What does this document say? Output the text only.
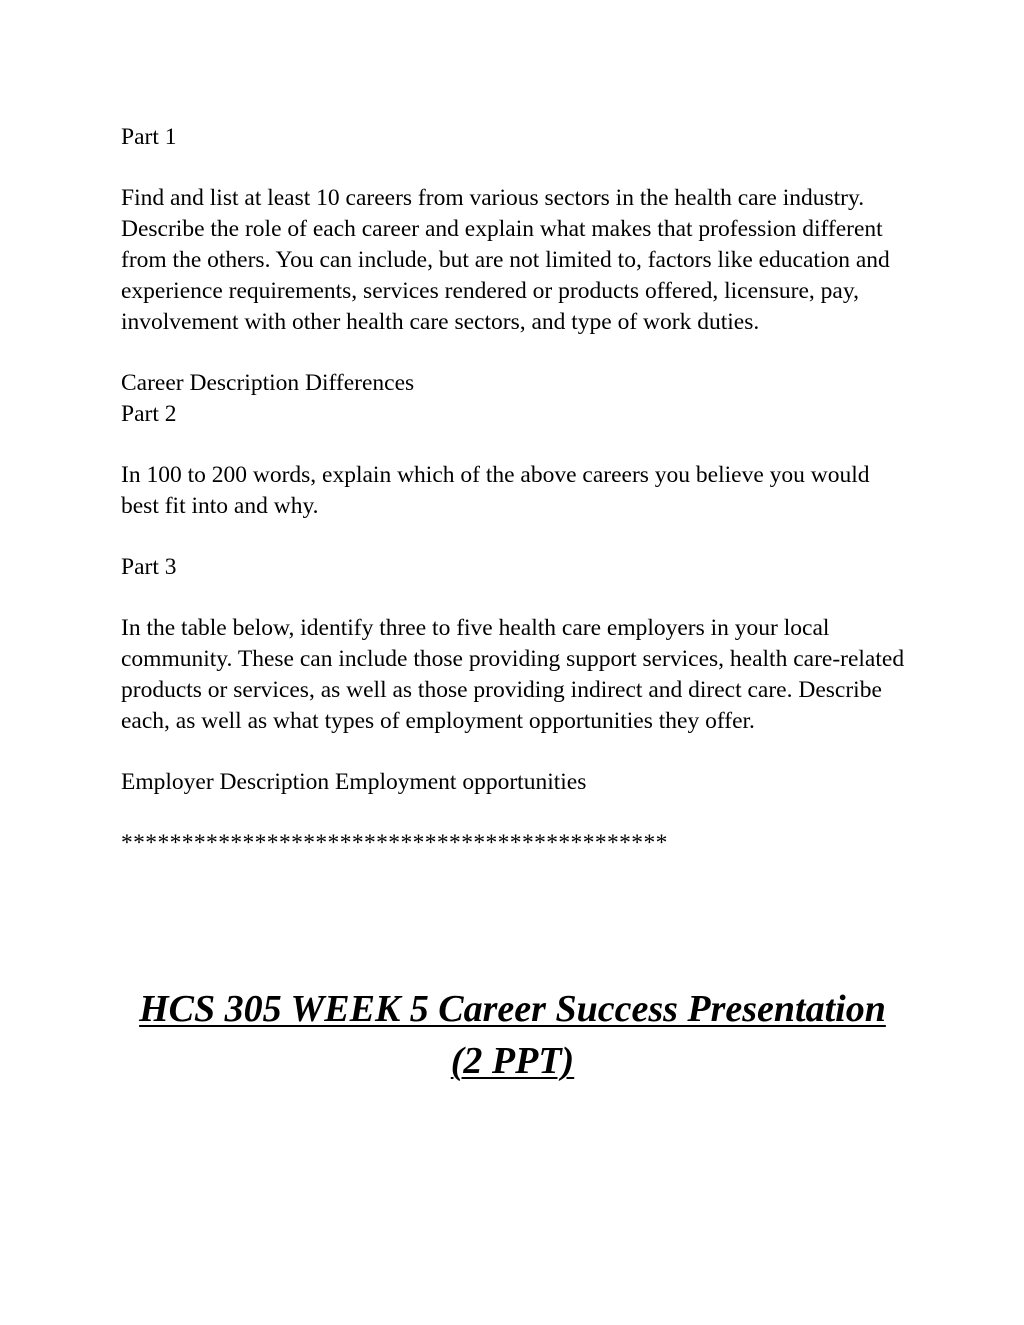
Part 1

Find and list at least 10 careers from various sectors in the health care industry. Describe the role of each career and explain what makes that profession different from the others. You can include, but are not limited to, factors like education and experience requirements, services rendered or products offered, licensure, pay, involvement with other health care sectors, and type of work duties.

Career Description Differences

Part 2

In 100 to 200 words, explain which of the above careers you believe you would best fit into and why.

Part 3

In the table below, identify three to five health care employers in your local community. These can include those providing support services, health care-related products or services, as well as those providing indirect and direct care. Describe each, as well as what types of employment opportunities they offer.

Employer Description Employment opportunities

*********************************************

HCS 305 WEEK 5 Career Success Presentation
(2 PPT)
